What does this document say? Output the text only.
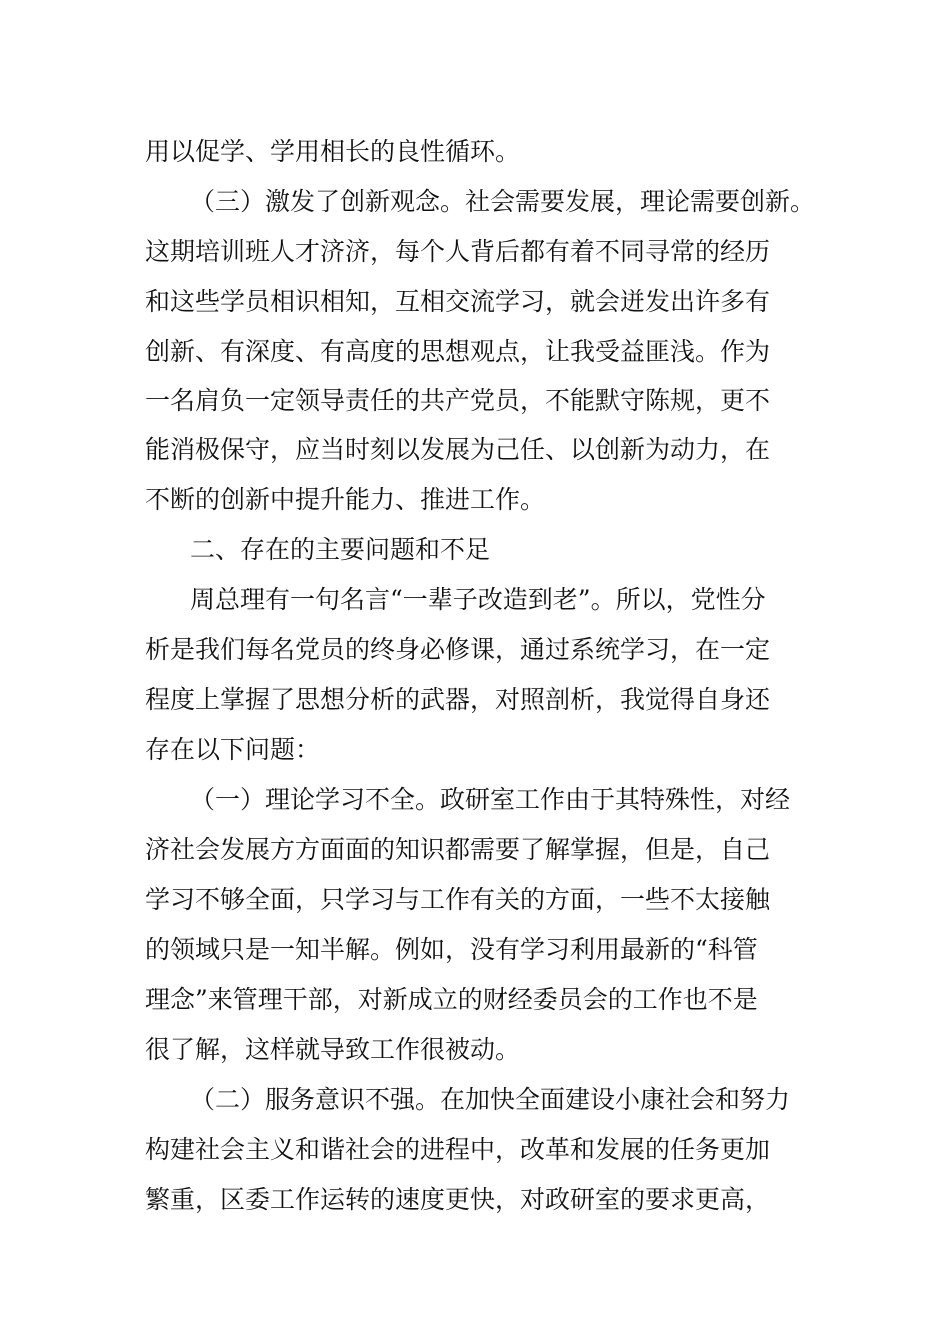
用以促学、学用相长的良性循环。

（三）激发了创新观念。社会需要发展，理论需要创新。

这期培训班人才济济，每个人背后都有着不同寻常的经历

和这些学员相识相知，互相交流学习，就会迸发出许多有

创新、有深度、有高度的思想观点，让我受益匪浅。作为

一名肩负一定领导责任的共产党员，不能默守陈规，更不

能消极保守，应当时刻以发展为己任、以创新为动力，在

不断的创新中提升能力、推进工作。

二、存在的主要问题和不足

周总理有一句名言“一辈子改造到老”。所以，党性分

析是我们每名党员的终身必修课，通过系统学习，在一定

程度上掌握了思想分析的武器，对照剖析，我觉得自身还

存在以下问题：

（一）理论学习不全。政研室工作由于其特殊性，对经

济社会发展方方面面的知识都需要了解掌握，但是，自己

学习不够全面，只学习与工作有关的方面，一些不太接触

的领域只是一知半解。例如，没有学习利用最新的“科管

理念”来管理干部，对新成立的财经委员会的工作也不是

很了解，这样就导致工作很被动。

（二）服务意识不强。在加快全面建设小康社会和努力

构建社会主义和谐社会的进程中，改革和发展的任务更加

繁重，区委工作运转的速度更快，对政研室的要求更高，
